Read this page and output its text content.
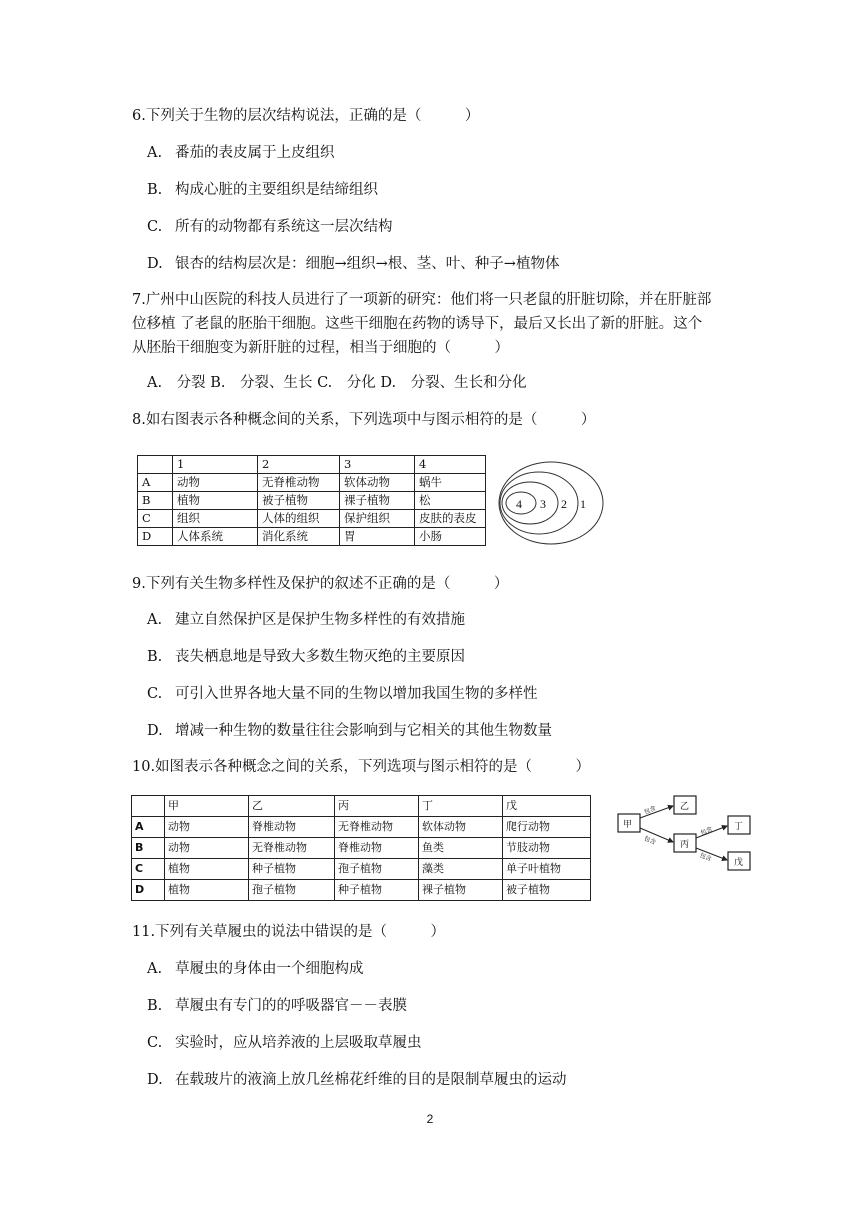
6.下列关于生物的层次结构说法，正确的是（　　　）
A. 番茄的表皮属于上皮组织
B. 构成心脏的主要组织是结缔组织
C. 所有的动物都有系统这一层次结构
D. 银杏的结构层次是：细胞→组织→根、茎、叶、种子→植物体
7.广州中山医院的科技人员进行了一项新的研究：他们将一只老鼠的肝脏切除，并在肝脏部
位移植 了老鼠的胚胎干细胞。这些干细胞在药物的诱导下，最后又长出了新的肝脏。这个
从胚胎干细胞变为新肝脏的过程，相当于细胞的（　　　）
A.　分裂 B.　分裂、生长 C.　分化 D.　分裂、生长和分化
8.如右图表示各种概念间的关系，下列选项中与图示相符的是（　　　）
	1	2	3	4
A	动物	无脊椎动物	软体动物	蜗牛
B	植物	被子植物	裸子植物	松
C	组织	人体的组织	保护组织	皮肤的表皮
D	人体系统	消化系统	胃	小肠
4 3 2 1
9.下列有关生物多样性及保护的叙述不正确的是（　　　）
A. 建立自然保护区是保护生物多样性的有效措施
B. 丧失栖息地是导致大多数生物灭绝的主要原因
C. 可引入世界各地大量不同的生物以增加我国生物的多样性
D. 增减一种生物的数量往往会影响到与它相关的其他生物数量
10.如图表示各种概念之间的关系，下列选项与图示相符的是（　　　）
	甲	乙	丙	丁	戊
A	动物	脊椎动物	无脊椎动物	软体动物	爬行动物
B	动物	无脊椎动物	脊椎动物	鱼类	节肢动物
C	植物	种子植物	孢子植物	藻类	单子叶植物
D	植物	孢子植物	种子植物	裸子植物	被子植物
甲
乙
丙
丁
戊
包含
包含
包含
包含
11.下列有关草履虫的说法中错误的是（　　　）
A. 草履虫的身体由一个细胞构成
B. 草履虫有专门的的呼吸器官－－表膜
C. 实验时，应从培养液的上层吸取草履虫
D. 在载玻片的液滴上放几丝棉花纤维的目的是限制草履虫的运动
2
